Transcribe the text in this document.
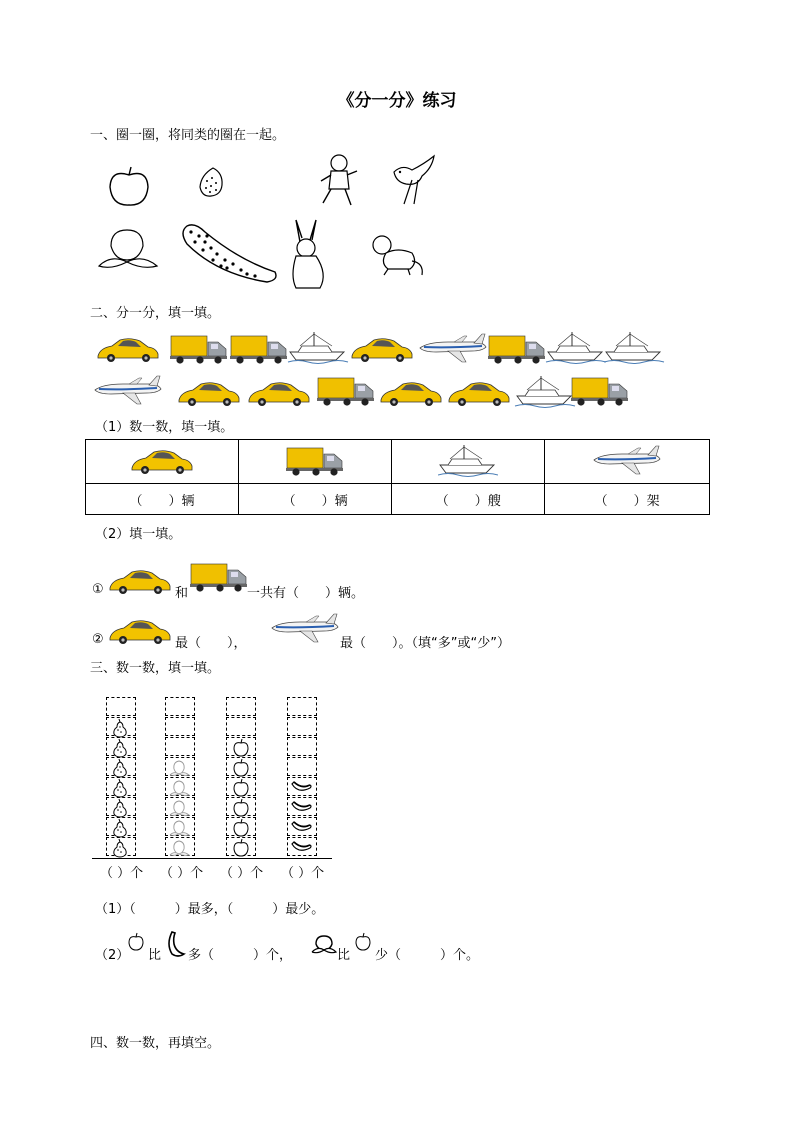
《分一分》练习
一、圈一圈，将同类的圈在一起。
二、分一分，填一填。
（1）数一数，填一填。

（　　）辆	（　　）辆	（　　）艘	（　　）架
（2）填一填。
①	和	一共有（　　）辆。
②	最（　　），	最（　　）。（填“多”或“少”）
三、数一数，填一填。
（ ）个 （ ）个 （ ）个 （ ）个
（1）（　　　）最多，（　　　）最少。
（2） 比 多（　　　）个，	比 少（　　　）个。
四、数一数，再填空。
